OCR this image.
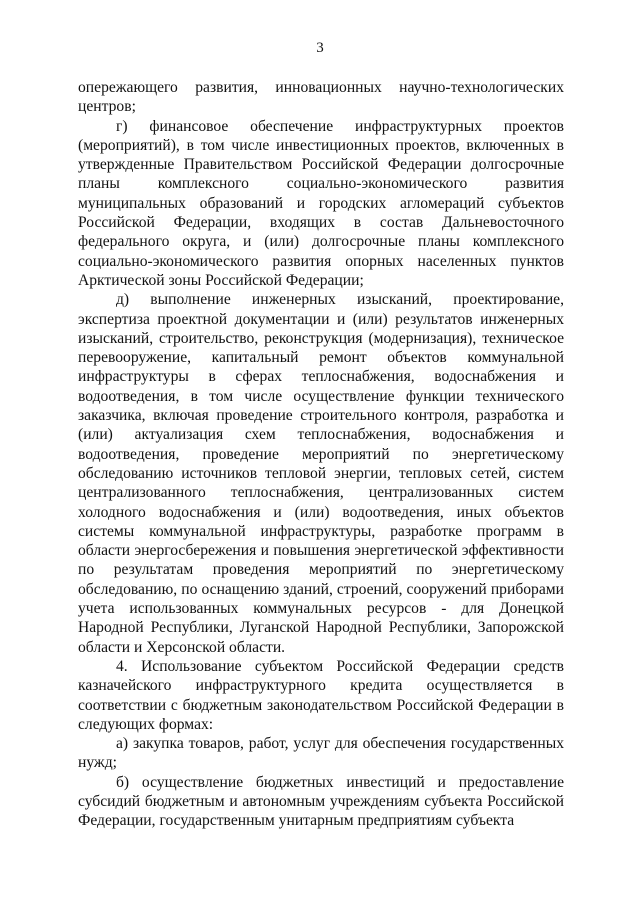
3

опережающего развития, инновационных научно-технологических центров;

г) финансовое обеспечение инфраструктурных проектов (мероприятий), в том числе инвестиционных проектов, включенных в утвержденные Правительством Российской Федерации долгосрочные планы комплексного социально-экономического развития муниципальных образований и городских агломераций субъектов Российской Федерации, входящих в состав Дальневосточного федерального округа, и (или) долгосрочные планы комплексного социально-экономического развития опорных населенных пунктов Арктической зоны Российской Федерации;

д) выполнение инженерных изысканий, проектирование, экспертиза проектной документации и (или) результатов инженерных изысканий, строительство, реконструкция (модернизация), техническое перевооружение, капитальный ремонт объектов коммунальной инфраструктуры в сферах теплоснабжения, водоснабжения и водоотведения, в том числе осуществление функции технического заказчика, включая проведение строительного контроля, разработка и (или) актуализация схем теплоснабжения, водоснабжения и водоотведения, проведение мероприятий по энергетическому обследованию источников тепловой энергии, тепловых сетей, систем централизованного теплоснабжения, централизованных систем холодного водоснабжения и (или) водоотведения, иных объектов системы коммунальной инфраструктуры, разработке программ в области энергосбережения и повышения энергетической эффективности по результатам проведения мероприятий по энергетическому обследованию, по оснащению зданий, строений, сооружений приборами учета использованных коммунальных ресурсов - для Донецкой Народной Республики, Луганской Народной Республики, Запорожской области и Херсонской области.

4. Использование субъектом Российской Федерации средств казначейского инфраструктурного кредита осуществляется в соответствии с бюджетным законодательством Российской Федерации в следующих формах:

а) закупка товаров, работ, услуг для обеспечения государственных нужд;

б) осуществление бюджетных инвестиций и предоставление субсидий бюджетным и автономным учреждениям субъекта Российской Федерации, государственным унитарным предприятиям субъекта
